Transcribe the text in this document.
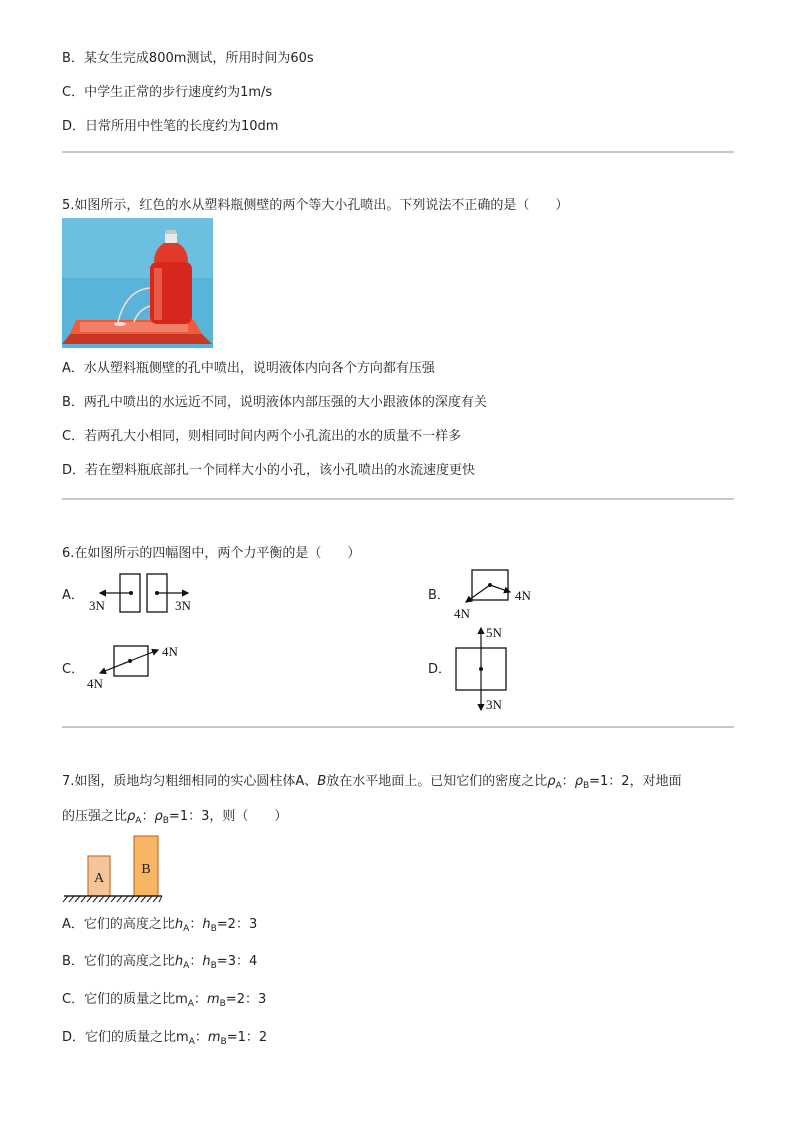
B．某女生完成800m测试，所用时间为60s
C．中学生正常的步行速度约为1m/s
D．日常所用中性笔的长度约为10dm
5.如图所示，红色的水从塑料瓶侧壁的两个等大小孔喷出。下列说法不正确的是（　　）
A．水从塑料瓶侧壁的孔中喷出，说明液体内向各个方向都有压强
B．两孔中喷出的水远近不同，说明液体内部压强的大小跟液体的深度有关
C．若两孔大小相同，则相同时间内两个小孔流出的水的质量不一样多
D．若在塑料瓶底部扎一个同样大小的小孔，该小孔喷出的水流速度更快
6.在如图所示的四幅图中，两个力平衡的是（　　）
A．
3N	3N
B．	4N
4N
C．
4N
4N
D．
5N
3N
7.如图，质地均匀粗细相同的实心圆柱体A、B放在水平地面上。已知它们的密度之比$\rho_A$：$\rho_B=1$：2，对地面
的压强之比$\rho_A$：$\rho_B=1$：3，则（　　）
A
B
A．它们的高度之比$h_A$：$h_B=2$：3
B．它们的高度之比$h_A$：$h_B=3$：4
C．它们的质量之比$m_A$：$m_B=2$：3
D．它们的质量之比$m_A$：$m_B=1$：2
